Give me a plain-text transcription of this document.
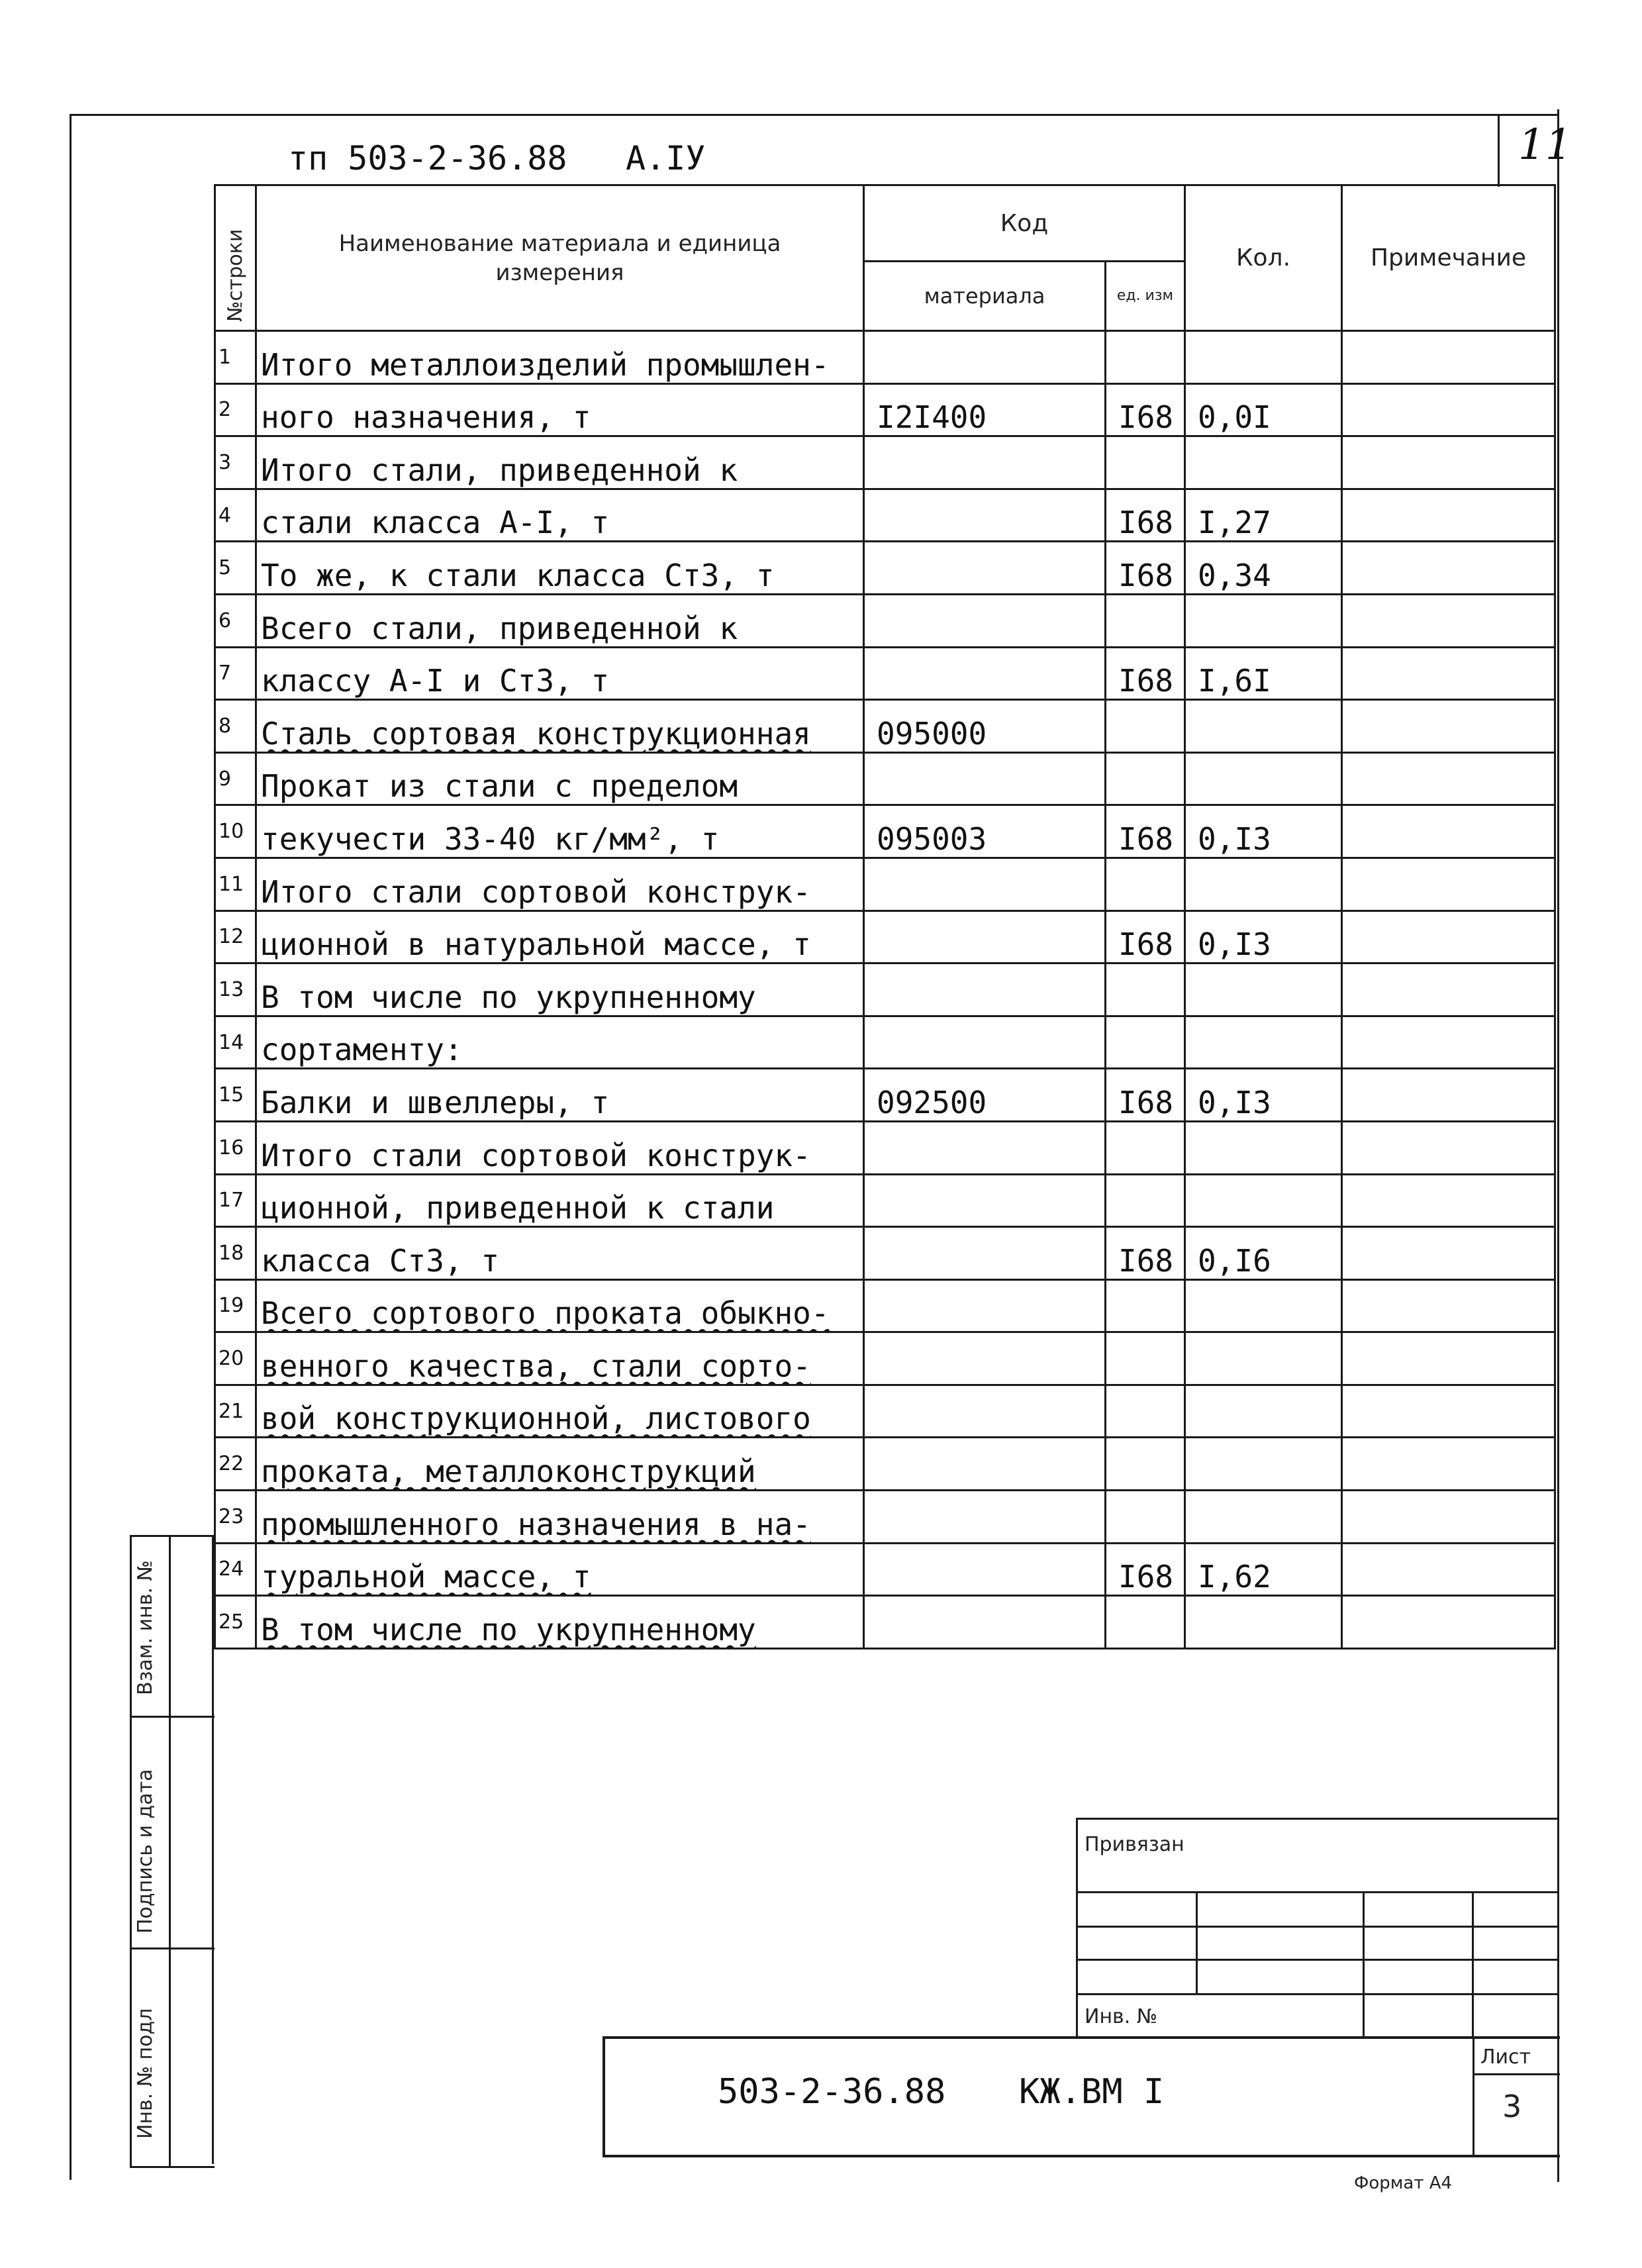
тп 503-2-36.88 А.IУ	11
№строки	Наименование материала и единица измерения	Код		Кол.	Примечание
		материала	ед. изм		
1	Итого металлоизделий промышлен-				
2	ного назначения, т	I2I400	I68	0,0I	
3	Итого стали, приведенной к				
4	стали класса А-I, т		I68	I,27	
5	То же, к стали класса Ст3, т		I68	0,34	
6	Всего стали, приведенной к				
7	классу А-I и Ст3, т		I68	I,6I	
8	Сталь сортовая конструкционная	095000			
9	Прокат из стали с пределом				
10	текучести 33-40 кг/мм², т	095003	I68	0,I3	
11	Итого стали сортовой конструк-				
12	ционной в натуральной массе, т		I68	0,I3	
13	В том числе по укрупненному				
14	сортаменту:				
15	Балки и швеллеры, т	092500	I68	0,I3	
16	Итого стали сортовой конструк-				
17	ционной, приведенной к стали				
18	класса Ст3, т		I68	0,I6	
19	Всего сортового проката обыкно-				
20	венного качества, стали сорто-				
21	вой конструкционной, листового				
22	проката, металлоконструкций				
23	промышленного назначения в на-				
24	туральной массе, т		I68	I,62	
25	В том числе по укрупненному				
Взам. инв. №
Подпись и дата
Инв. № подл
Привязан
Инв. №
503-2-36.88 КЖ.ВМ I
Лист
3
Формат А4
